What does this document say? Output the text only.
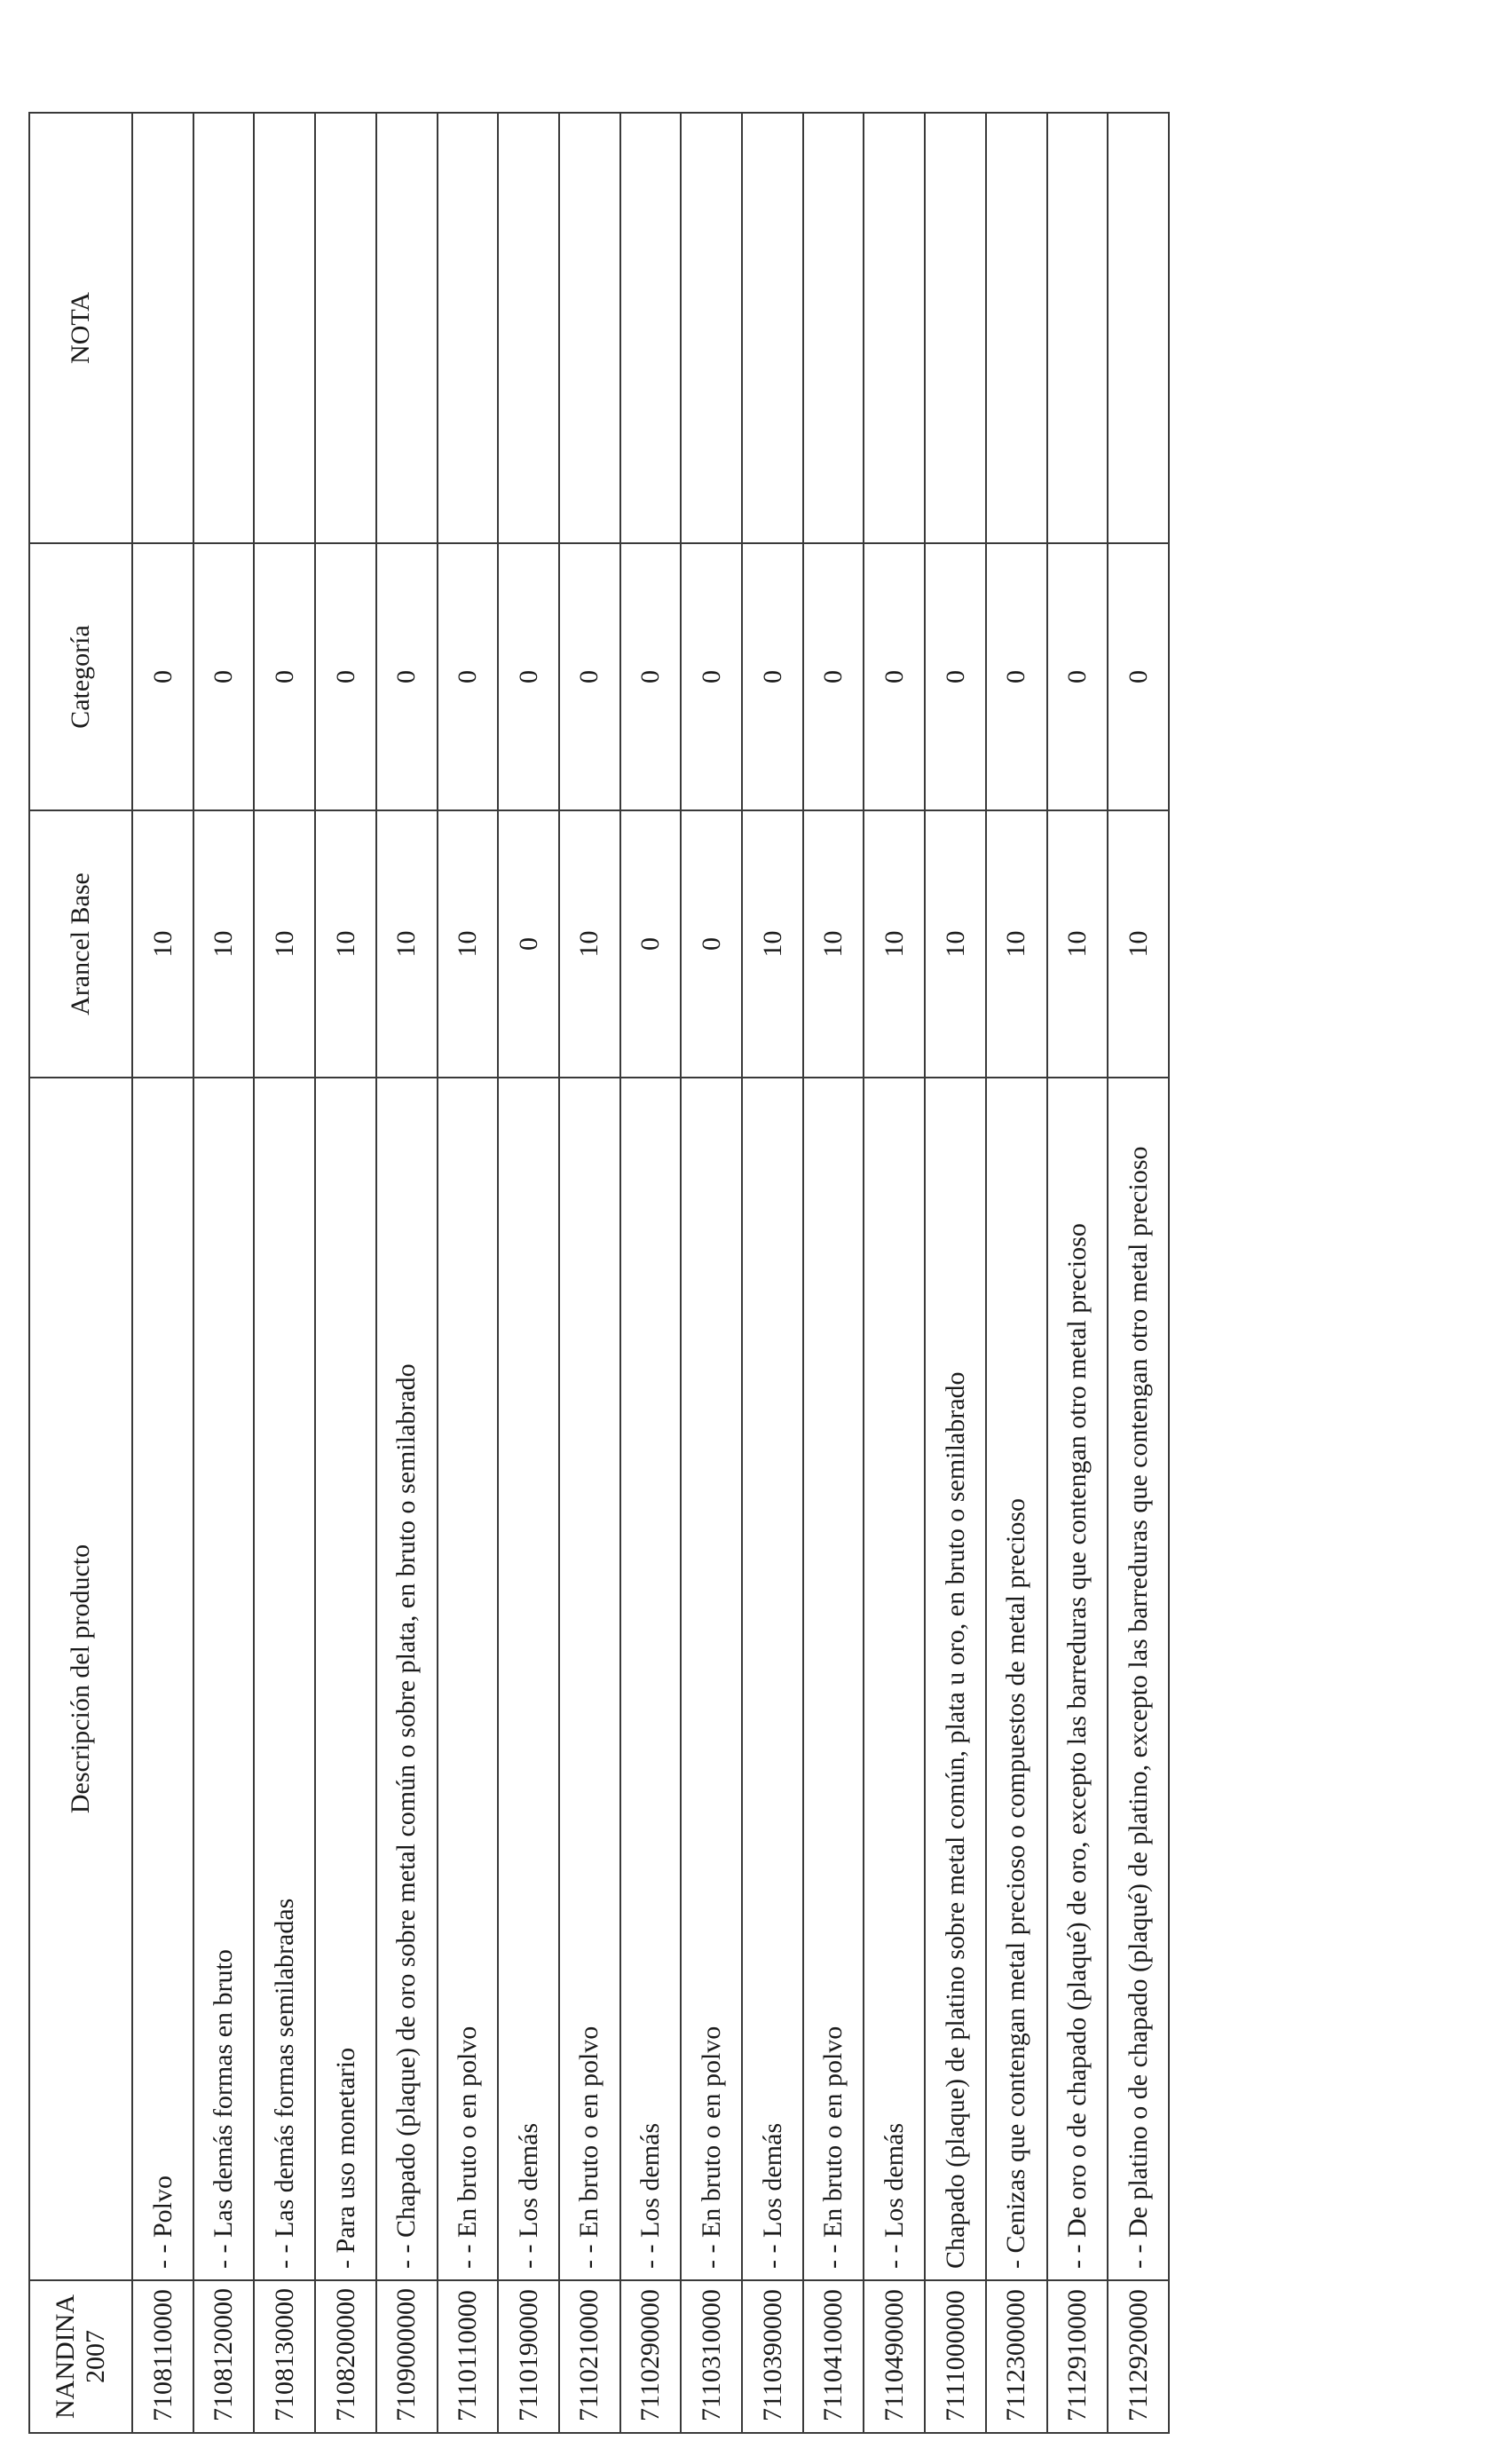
NANDINA 2007	Descripción del producto	Arancel Base	Categoría	NOTA
7108110000	- - Polvo	10	0	
7108120000	- - Las demás formas en bruto	10	0	
7108130000	- - Las demás formas semilabradas	10	0	
7108200000	- Para uso monetario	10	0	
7109000000	- - Chapado (plaque) de oro sobre metal común o sobre plata, en bruto o semilabrado	10	0	
7110110000	- - En bruto o en polvo	10	0	
7110190000	- - Los demás	0	0	
7110210000	- - En bruto o en polvo	10	0	
7110290000	- - Los demás	0	0	
7110310000	- - En bruto o en polvo	0	0	
7110390000	- - Los demás	10	0	
7110410000	- - En bruto o en polvo	10	0	
7110490000	- - Los demás	10	0	
7111000000	Chapado (plaque) de platino sobre metal común, plata u oro, en bruto o semilabrado	10	0	
7112300000	- Cenizas que contengan metal precioso o compuestos de metal precioso	10	0	
7112910000	- - De oro o de chapado (plaqué) de oro, excepto las barreduras que contengan otro metal precioso	10	0	
7112920000	- - De platino o de chapado (plaqué) de platino, excepto las barreduras que contengan otro metal precioso	10	0	
